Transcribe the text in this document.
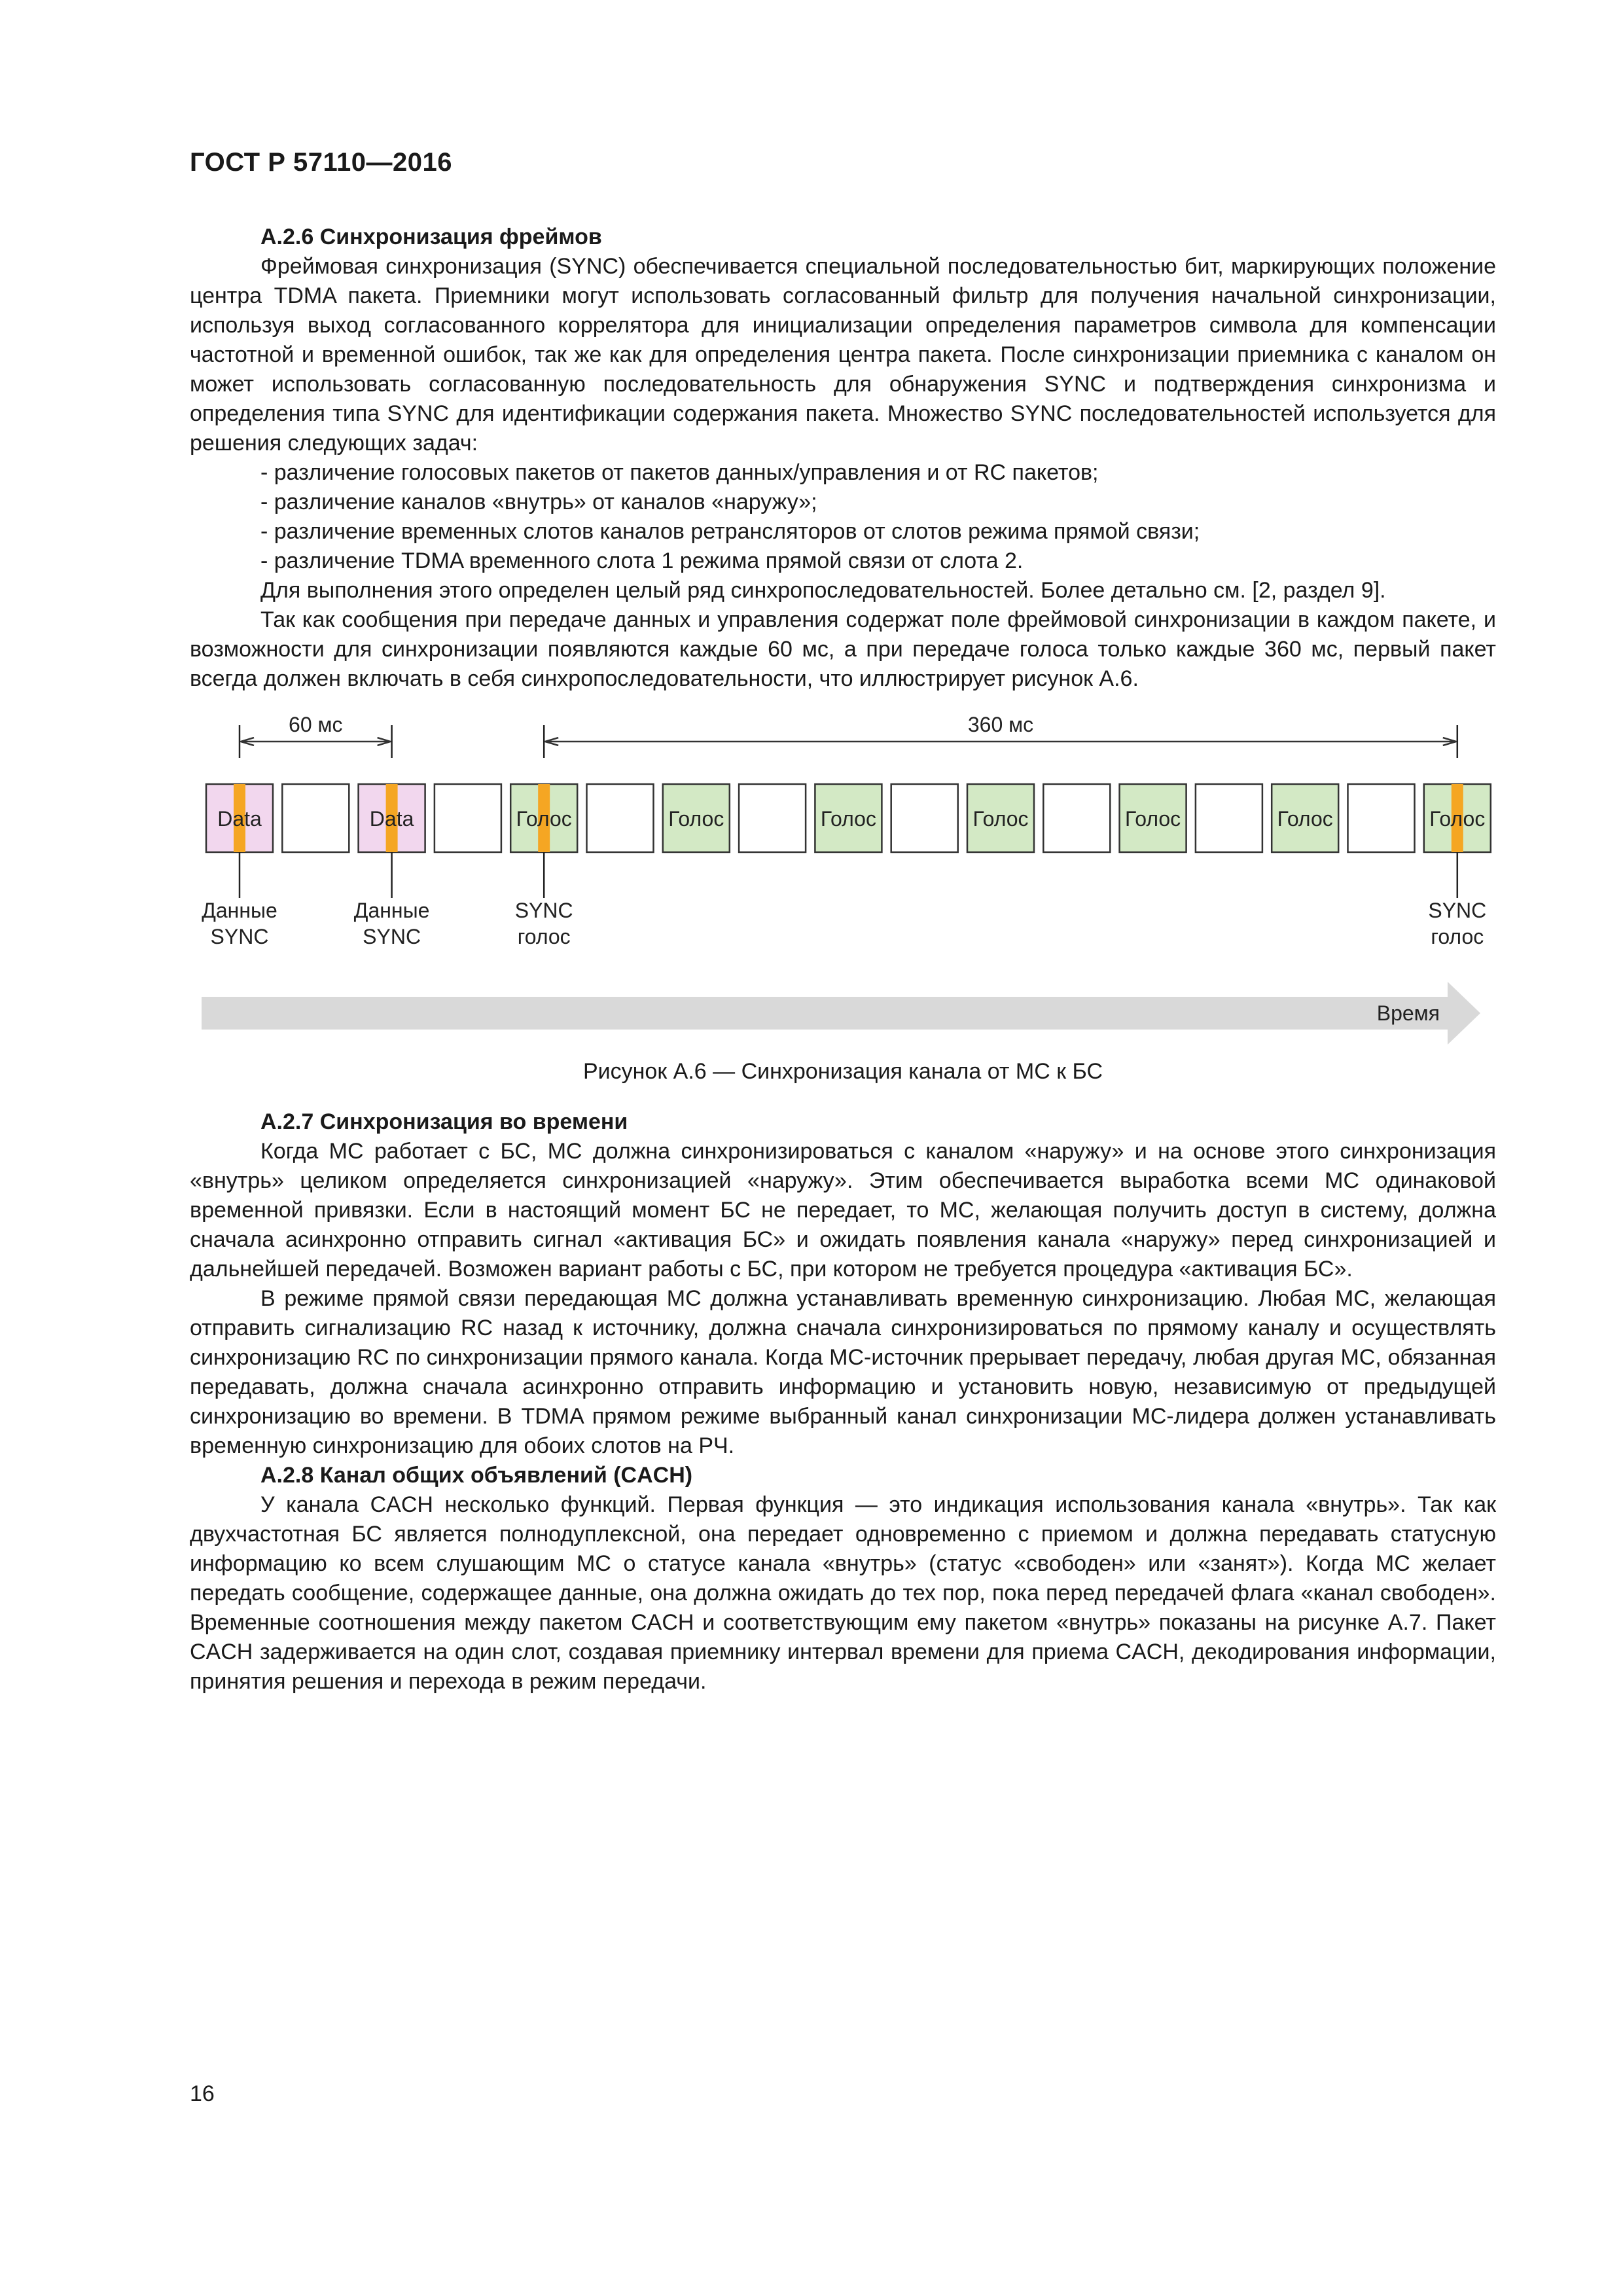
ГОСТ Р 57110—2016
А.2.6 Синхронизация фреймов

Фреймовая синхронизация (SYNC) обеспечивается специальной последовательностью бит, маркирующих положение центра TDMA пакета. Приемники могут использовать согласованный фильтр для получения начальной синхронизации, используя выход согласованного коррелятора для инициализации определения параметров символа для компенсации частотной и временной ошибок, так же как для определения центра пакета. После синхронизации приемника с каналом он может использовать согласованную последовательность для обнаружения SYNC и подтверждения синхронизма и определения типа SYNC для идентификации содержания пакета. Множество SYNC последовательностей используется для решения следующих задач:

- различение голосовых пакетов от пакетов данных/управления и от RC пакетов;

- различение каналов «внутрь» от каналов «наружу»;

- различение временных слотов каналов ретрансляторов от слотов режима прямой связи;

- различение TDMA временного слота 1 режима прямой связи от слота 2.

Для выполнения этого определен целый ряд синхропоследовательностей. Более детально см. [2, раздел 9].

Так как сообщения при передаче данных и управления содержат поле фреймовой синхронизации в каждом пакете, и возможности для синхронизации появляются каждые 60 мс, а при передаче голоса только каждые 360 мс, первый пакет всегда должен включать в себя синхропоследовательности, что иллюстрирует рисунок А.6.

60 мс	360 мс
Data	Data	Голос	Голос	Голос	Голос	Голос	Голос	Голос
Данные
SYNC
Данные
SYNC
SYNC
голос
SYNC
голос
Время
Рисунок А.6 — Синхронизация канала от МС к БС
А.2.7 Синхронизация во времени

Когда МС работает с БС, МС должна синхронизироваться с каналом «наружу» и на основе этого синхронизация «внутрь» целиком определяется синхронизацией «наружу». Этим обеспечивается выработка всеми МС одинаковой временной привязки. Если в настоящий момент БС не передает, то МС, желающая получить доступ в систему, должна сначала асинхронно отправить сигнал «активация БС» и ожидать появления канала «наружу» перед синхронизацией и дальнейшей передачей. Возможен вариант работы с БС, при котором не требуется процедура «активация БС».

В режиме прямой связи передающая МС должна устанавливать временную синхронизацию. Любая МС, желающая отправить сигнализацию RC назад к источнику, должна сначала синхронизироваться по прямому каналу и осуществлять синхронизацию RC по синхронизации прямого канала. Когда МС-источник прерывает передачу, любая другая МС, обязанная передавать, должна сначала асинхронно отправить информацию и установить новую, независимую от предыдущей синхронизацию во времени. В TDMA прямом режиме выбранный канал синхронизации МС-лидера должен устанавливать временную синхронизацию для обоих слотов на РЧ.

А.2.8 Канал общих объявлений (CACH)

У канала CACH несколько функций. Первая функция — это индикация использования канала «внутрь». Так как двухчастотная БС является полнодуплексной, она передает одновременно с приемом и должна передавать статусную информацию ко всем слушающим МС о статусе канала «внутрь» (статус «свободен» или «занят»). Когда МС желает передать сообщение, содержащее данные, она должна ожидать до тех пор, пока перед передачей флага «канал свободен». Временные соотношения между пакетом CACH и соответствующим ему пакетом «внутрь» показаны на рисунке А.7. Пакет CACH задерживается на один слот, создавая приемнику интервал времени для приема CACH, декодирования информации, принятия решения и перехода в режим передачи.

16
